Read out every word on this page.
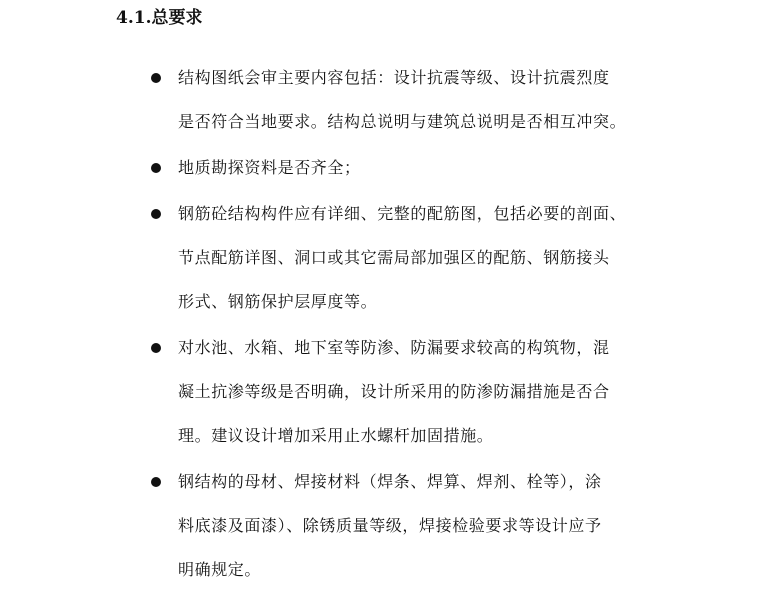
4.1.总要求
结构图纸会审主要内容包括：设计抗震等级、设计抗震烈度
是否符合当地要求。结构总说明与建筑总说明是否相互冲突。
地质勘探资料是否齐全；
钢筋砼结构构件应有详细、完整的配筋图，包括必要的剖面、
节点配筋详图、洞口或其它需局部加强区的配筋、钢筋接头
形式、钢筋保护层厚度等。
对水池、水箱、地下室等防渗、防漏要求较高的构筑物，混
凝土抗渗等级是否明确，设计所采用的防渗防漏措施是否合
理。建议设计增加采用止水螺杆加固措施。
钢结构的母材、焊接材料（焊条、焊算、焊剂、栓等），涂
料底漆及面漆）、除锈质量等级，焊接检验要求等设计应予
明确规定。
